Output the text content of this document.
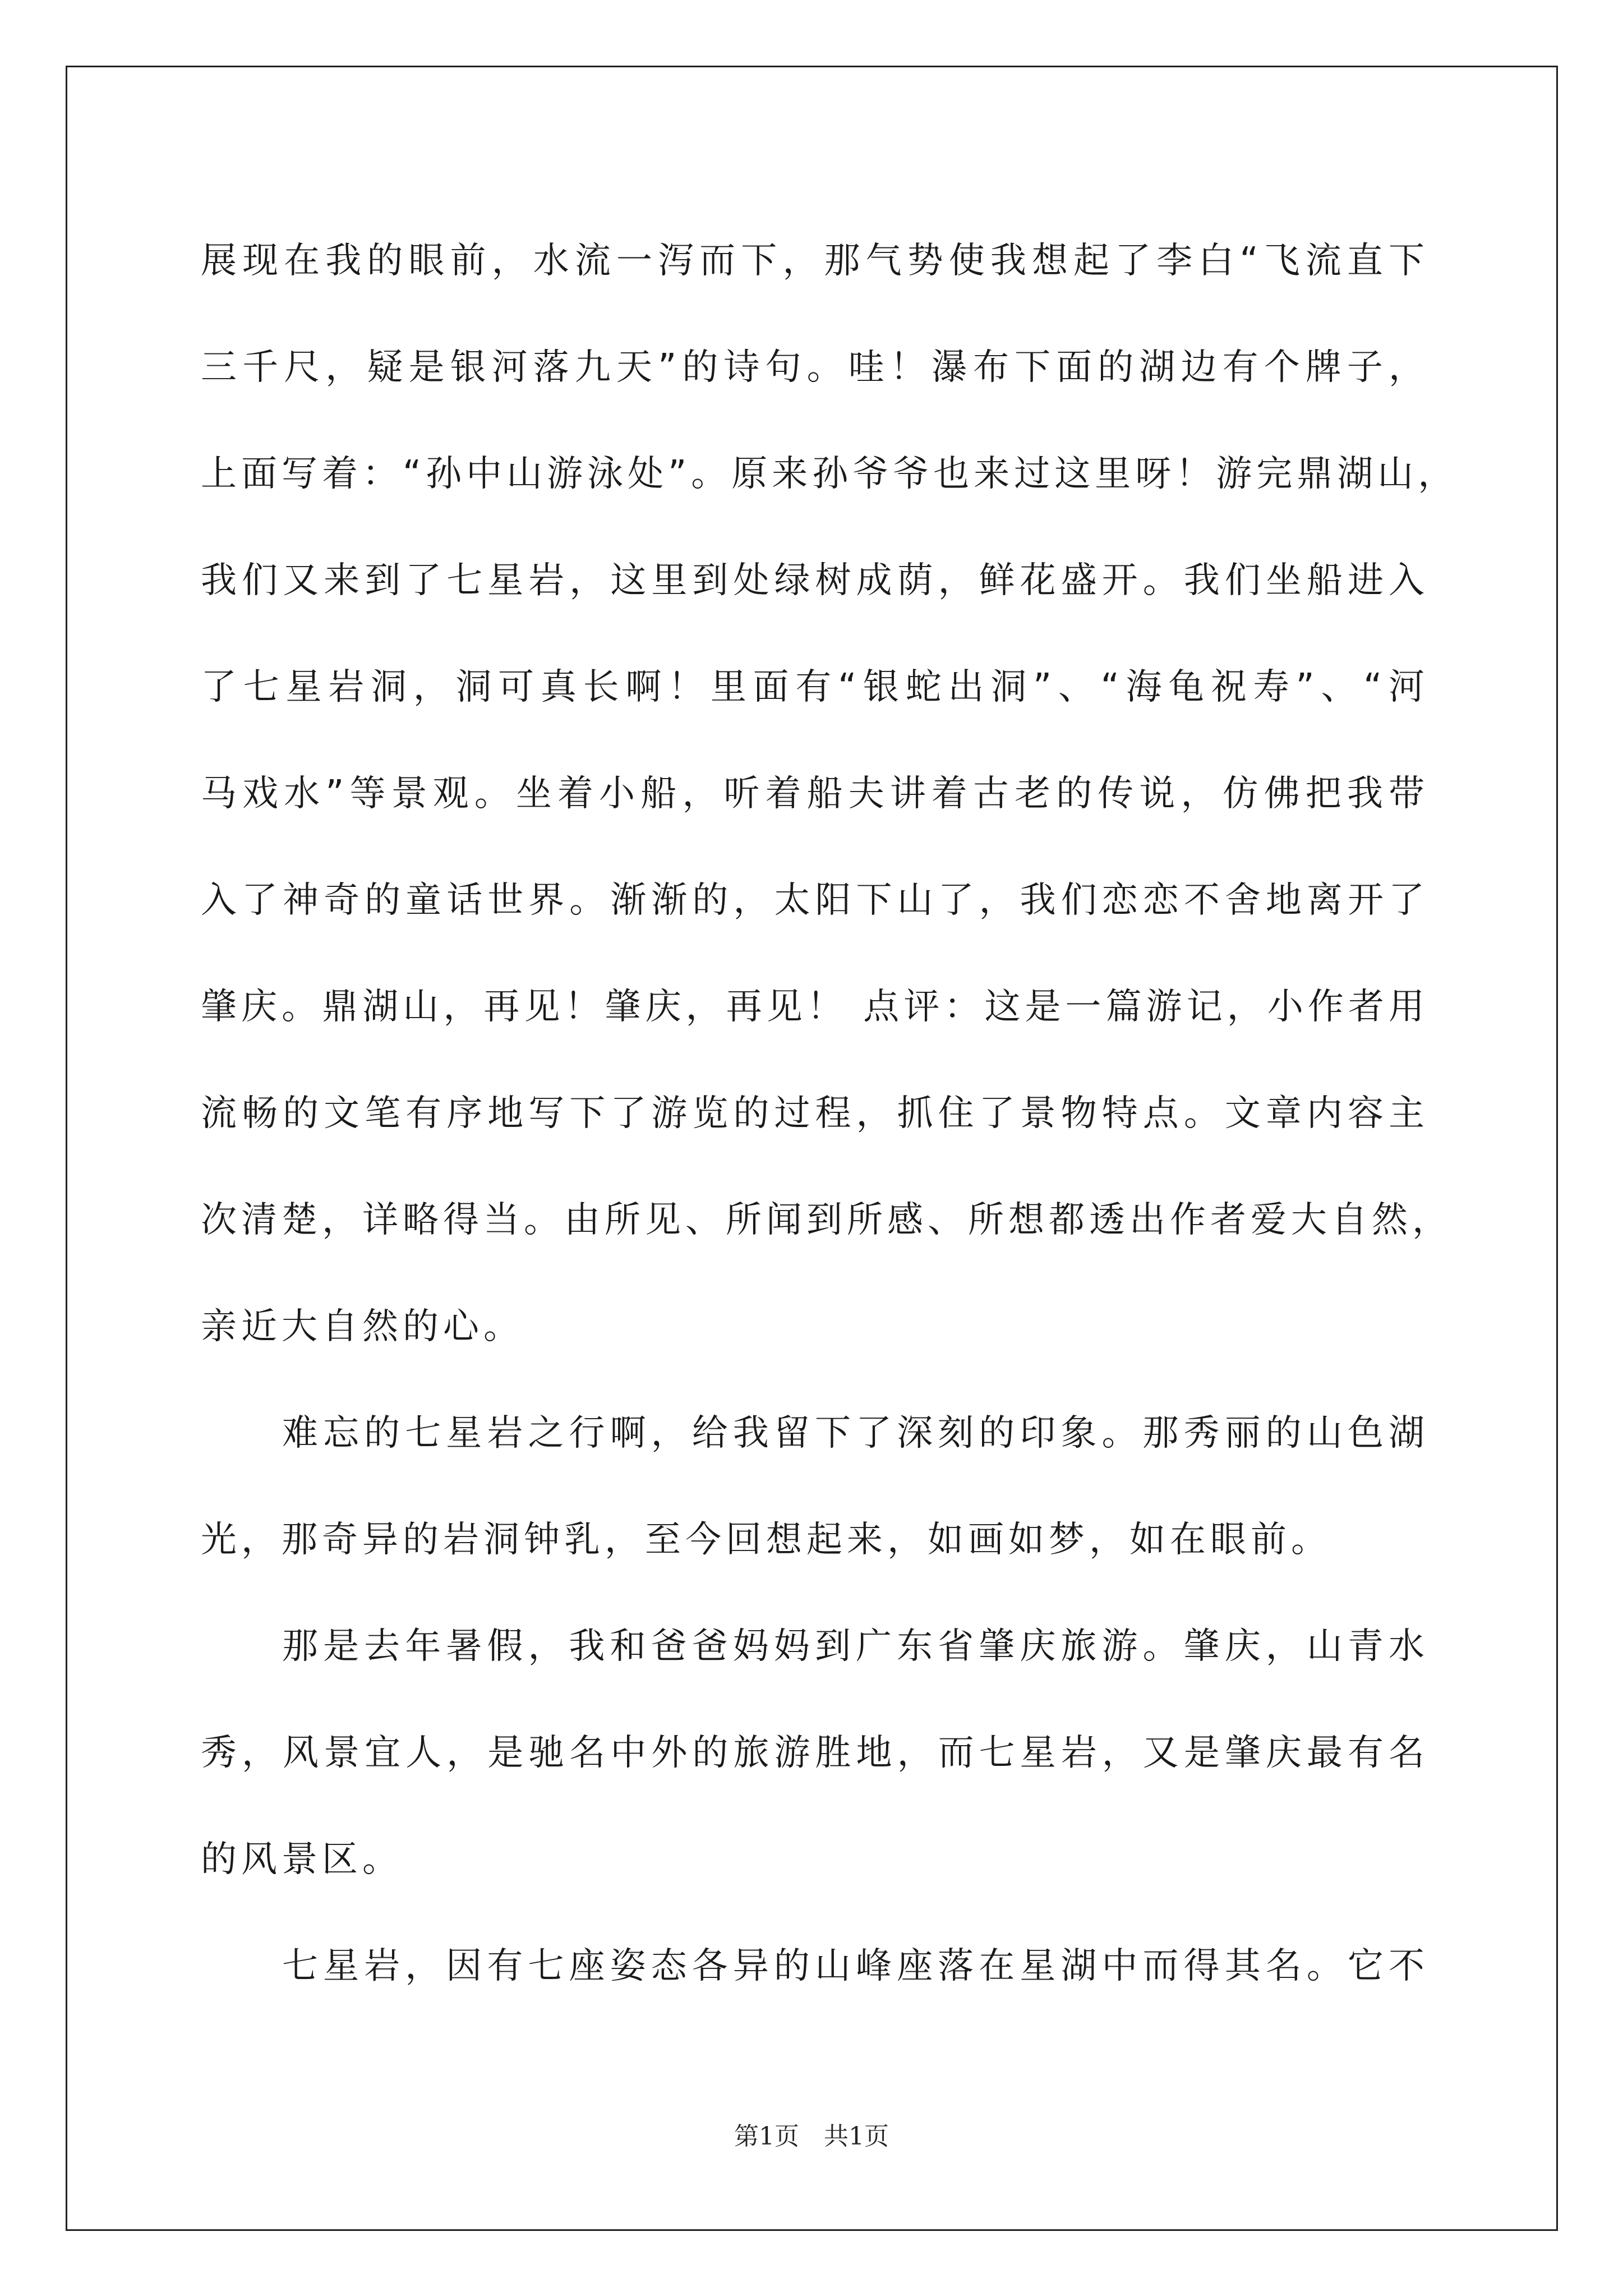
展现在我的眼前，水流一泻而下，那气势使我想起了李白“飞流直下
三千尺，疑是银河落九天”的诗句。哇！瀑布下面的湖边有个牌子，
上面写着：“孙中山游泳处”。原来孙爷爷也来过这里呀！游完鼎湖山，
我们又来到了七星岩，这里到处绿树成荫，鲜花盛开。我们坐船进入
了七星岩洞，洞可真长啊！里面有“银蛇出洞”、“海龟祝寿”、“河
马戏水”等景观。坐着小船，听着船夫讲着古老的传说，仿佛把我带
入了神奇的童话世界。渐渐的，太阳下山了，我们恋恋不舍地离开了
肇庆。鼎湖山，再见！肇庆，再见！ 点评：这是一篇游记，小作者用
流畅的文笔有序地写下了游览的过程，抓住了景物特点。文章内容主
次清楚，详略得当。由所见、所闻到所感、所想都透出作者爱大自然，
亲近大自然的心。
难忘的七星岩之行啊，给我留下了深刻的印象。那秀丽的山色湖
光，那奇异的岩洞钟乳，至今回想起来，如画如梦，如在眼前。
那是去年暑假，我和爸爸妈妈到广东省肇庆旅游。肇庆，山青水
秀，风景宜人，是驰名中外的旅游胜地，而七星岩，又是肇庆最有名
的风景区。
七星岩，因有七座姿态各异的山峰座落在星湖中而得其名。它不
第1页　共1页
